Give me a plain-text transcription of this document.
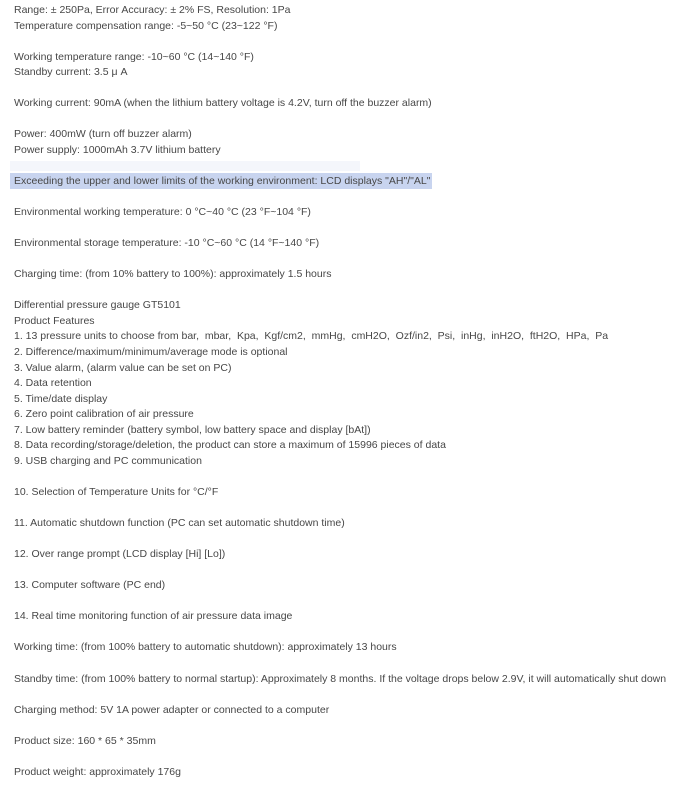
Range: ± 250Pa, Error Accuracy: ± 2% FS, Resolution: 1Pa
Temperature compensation range: -5~50 °C (23~122 °F)
Working temperature range: -10~60 °C (14~140 °F)
Standby current: 3.5 μ A
Working current: 90mA (when the lithium battery voltage is 4.2V, turn off the buzzer alarm)
Power: 400mW (turn off buzzer alarm)
Power supply: 1000mAh 3.7V lithium battery
Exceeding the upper and lower limits of the working environment: LCD displays "AH"/"AL"
Environmental working temperature: 0 °C~40 °C (23 °F~104 °F)
Environmental storage temperature: -10 °C~60 °C (14 °F~140 °F)
Charging time: (from 10% battery to 100%): approximately 1.5 hours
Differential pressure gauge GT5101
Product Features
1. 13 pressure units to choose from bar,  mbar,  Kpa,  Kgf/cm2,  mmHg,  cmH2O,  Ozf/in2,  Psi,  inHg,  inH2O,  ftH2O,  HPa,  Pa
2. Difference/maximum/minimum/average mode is optional
3. Value alarm, (alarm value can be set on PC)
4. Data retention
5. Time/date display
6. Zero point calibration of air pressure
7. Low battery reminder (battery symbol, low battery space and display [bAt])
8. Data recording/storage/deletion, the product can store a maximum of 15996 pieces of data
9. USB charging and PC communication
10. Selection of Temperature Units for °C/°F
11. Automatic shutdown function (PC can set automatic shutdown time)
12. Over range prompt (LCD display [Hi] [Lo])
13. Computer software (PC end)
14. Real time monitoring function of air pressure data image
Working time: (from 100% battery to automatic shutdown): approximately 13 hours
Standby time: (from 100% battery to normal startup): Approximately 8 months. If the voltage drops below 2.9V, it will automatically shut down
Charging method: 5V 1A power adapter or connected to a computer
Product size: 160 * 65 * 35mm
Product weight: approximately 176g
